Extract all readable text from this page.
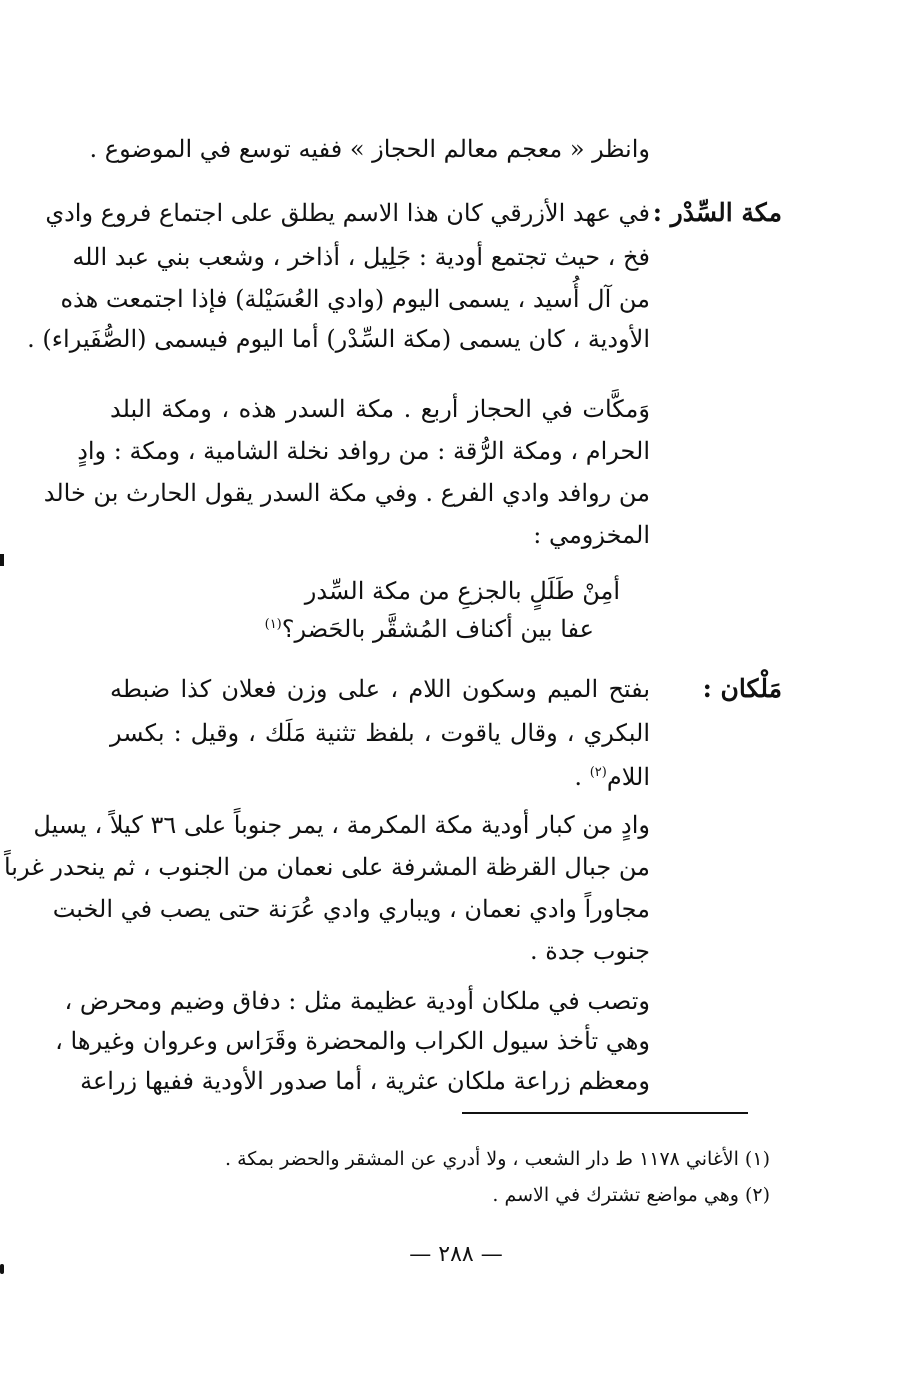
وانظر « معجم معالم الحجاز » ففيه توسع في الموضوع .
مكة السِّدْر :
في عهد الأزرقي كان هذا الاسم يطلق على اجتماع فروع وادي
فخ ، حيث تجتمع أودية : جَلِيل ، أذاخر ، وشعب بني عبد الله
من آل أُسيد ، يسمى اليوم (وادي العُسَيْلة) فإذا اجتمعت هذه
الأودية ، كان يسمى (مكة السِّدْر) أما اليوم فيسمى (الصُّفَيراء) .
وَمكَّات في الحجاز أربع . مكة السدر هذه ، ومكة البلد
الحرام ، ومكة الرُّقة : من روافد نخلة الشامية ، ومكة : وادٍ
من روافد وادي الفرع . وفي مكة السدر يقول الحارث بن خالد
المخزومي :
أمِنْ طَلَلٍ بالجزعِ من مكة السِّدر
عفا بين أكناف المُشقَّر بالحَضر؟$^{(١)}$
مَلْكان :
بفتح الميم وسكون اللام ، على وزن فعلان كذا ضبطه
البكري ، وقال ياقوت ، بلفظ تثنية مَلَك ، وقيل : بكسر
اللام$^{(٢)}$ .
وادٍ من كبار أودية مكة المكرمة ، يمر جنوباً على ٣٦ كيلاً ، يسيل
من جبال القرظة المشرفة على نعمان من الجنوب ، ثم ينحدر غرباً
مجاوراً وادي نعمان ، ويباري وادي عُرَنة حتى يصب في الخبت
جنوب جدة .
وتصب في ملكان أودية عظيمة مثل : دفاق وضيم ومحرض ،
وهي تأخذ سيول الكراب والمحضرة وقَرَاس وعروان وغيرها ،
ومعظم زراعة ملكان عثرية ، أما صدور الأودية ففيها زراعة
(١) الأغاني ١١٧٨ ط دار الشعب ، ولا أدري عن المشقر والحضر بمكة .
(٢) وهي مواضع تشترك في الاسم .
— ٢٨٨ —
